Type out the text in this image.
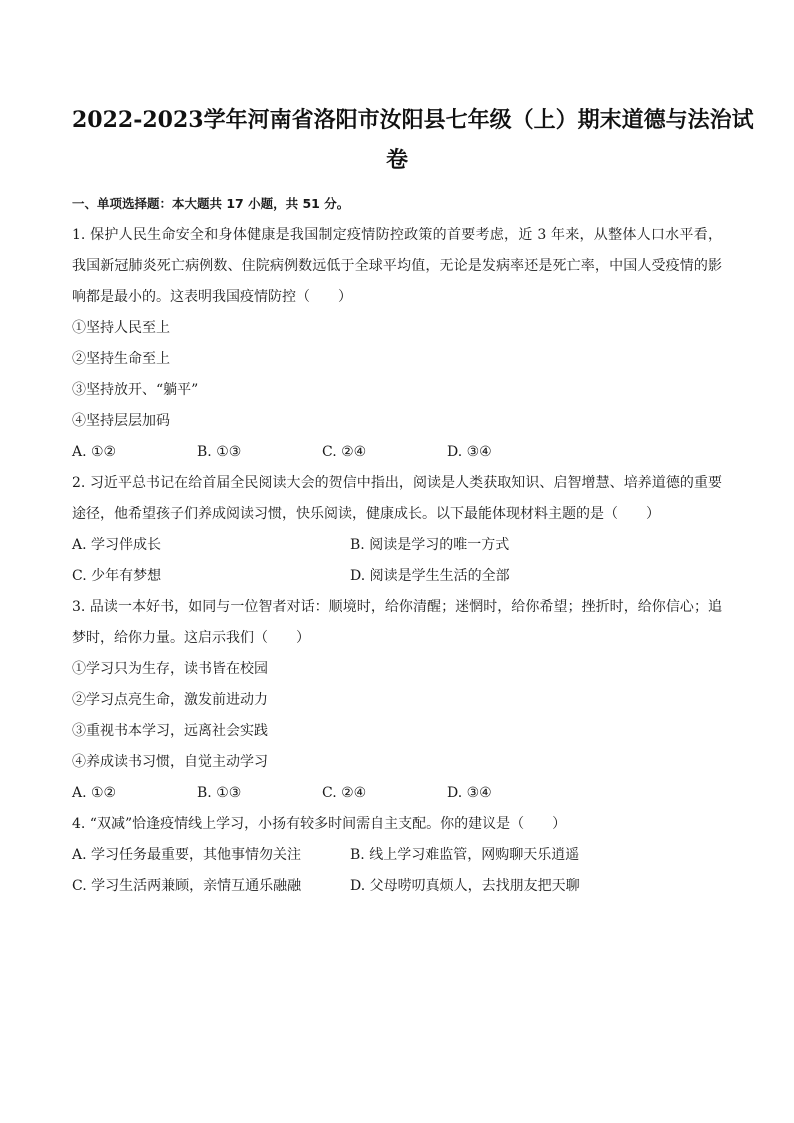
2022-2023学年河南省洛阳市汝阳县七年级（上）期末道德与法治试
卷
一、单项选择题：本大题共 17 小题，共 51 分。

1. 保护人民生命安全和身体健康是我国制定疫情防控政策的首要考虑，近 3 年来，从整体人口水平看，我国新冠肺炎死亡病例数、住院病例数远低于全球平均值，无论是发病率还是死亡率，中国人受疫情的影响都是最小的。这表明我国疫情防控（　　）

①坚持人民至上

②坚持生命至上

③坚持放开、“躺平”

④坚持层层加码

A. ①②	B. ①③	C. ②④	D. ③④

2. 习近平总书记在给首届全民阅读大会的贺信中指出，阅读是人类获取知识、启智增慧、培养道德的重要途径，他希望孩子们养成阅读习惯，快乐阅读，健康成长。以下最能体现材料主题的是（　　）

A. 学习伴成长	B. 阅读是学习的唯一方式
C. 少年有梦想	D. 阅读是学生生活的全部

3. 品读一本好书，如同与一位智者对话：顺境时，给你清醒；迷惘时，给你希望；挫折时，给你信心；追梦时，给你力量。这启示我们（　　）

①学习只为生存，读书皆在校园

②学习点亮生命，激发前进动力

③重视书本学习，远离社会实践

④养成读书习惯，自觉主动学习

A. ①②	B. ①③	C. ②④	D. ③④

4. “双减”恰逢疫情线上学习，小扬有较多时间需自主支配。你的建议是（　　）

A. 学习任务最重要，其他事情勿关注	B. 线上学习难监管，网购聊天乐逍遥
C. 学习生活两兼顾，亲情互通乐融融	D. 父母唠叨真烦人，去找朋友把天聊
